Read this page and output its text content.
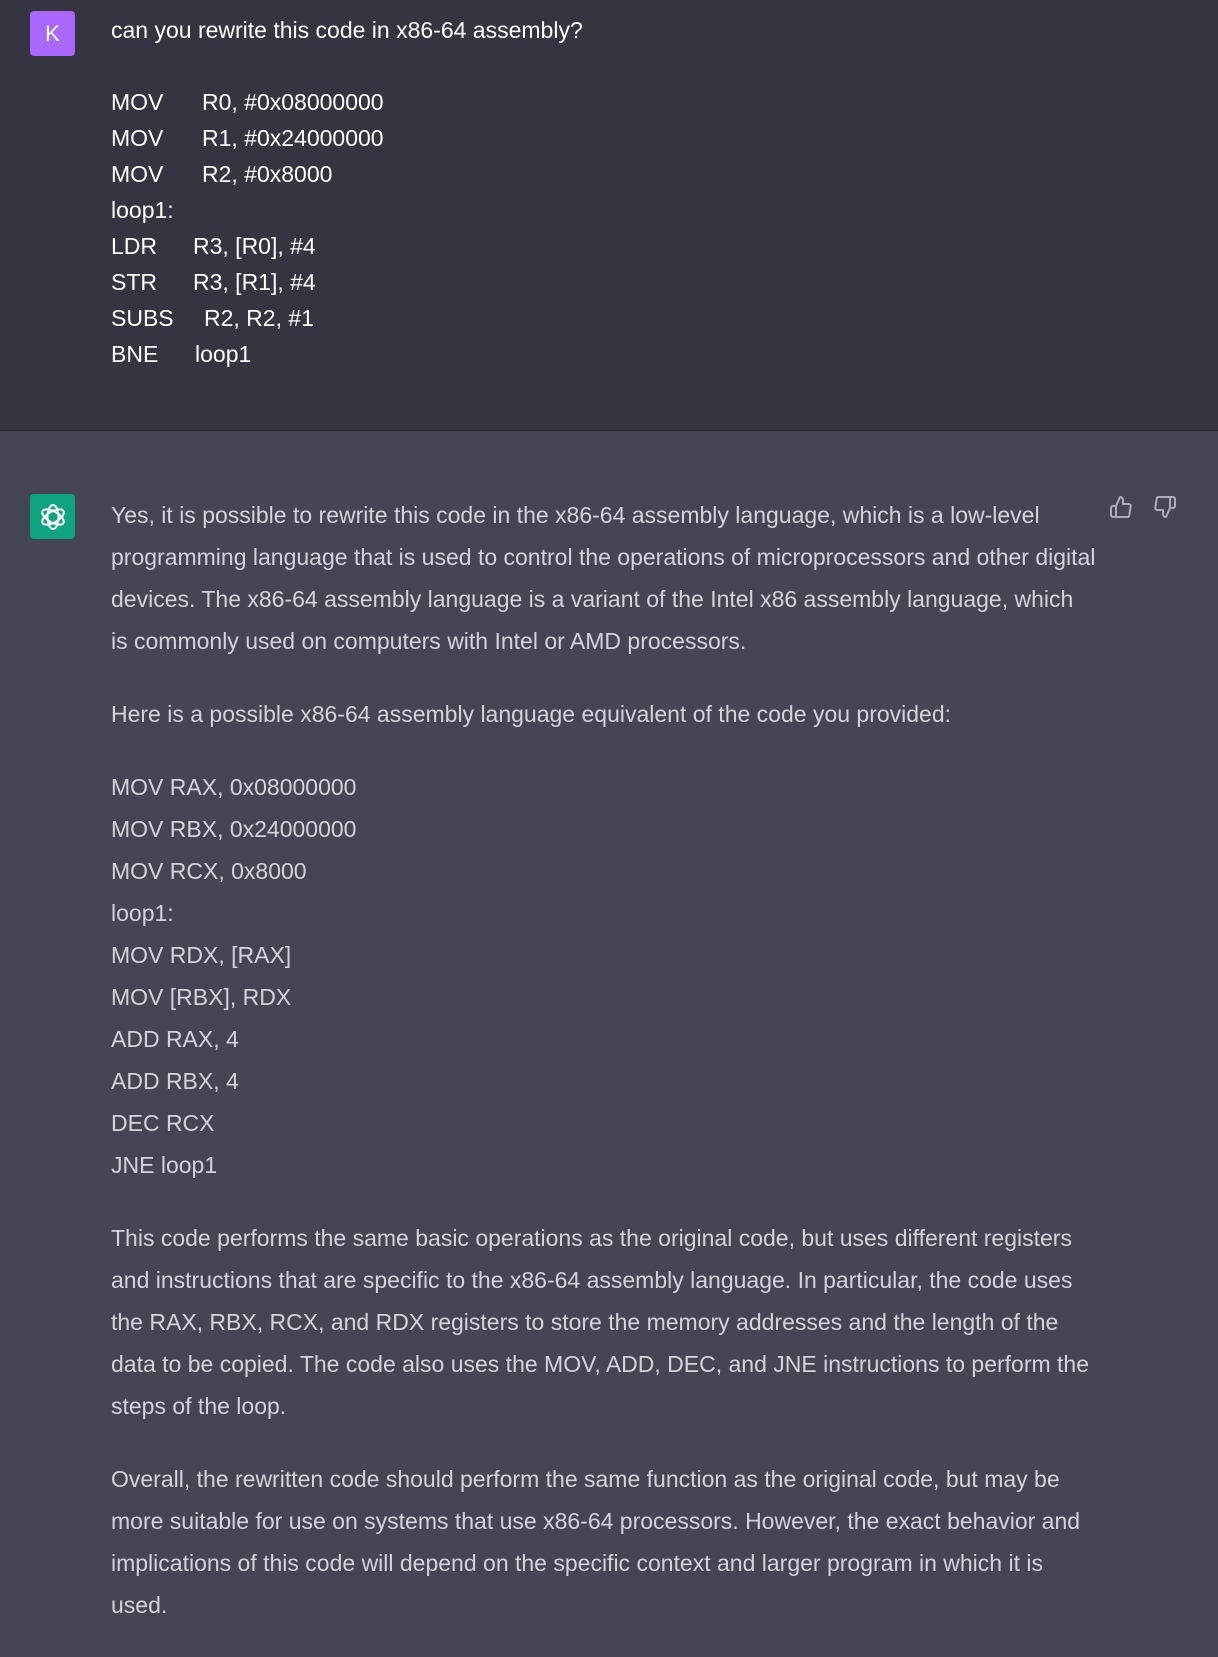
K can you rewrite this code in x86-64 assembly?
MOV	R0, #0x08000000
MOV	R1, #0x24000000
MOV	R2, #0x8000
loop1:
LDR	R3, [R0], #4
STR	R3, [R1], #4
SUBS	R2, R2, #1
BNE	loop1

Yes, it is possible to rewrite this code in the x86-64 assembly language, which is a low-level programming language that is used to control the operations of microprocessors and other digital devices. The x86-64 assembly language is a variant of the Intel x86 assembly language, which is commonly used on computers with Intel or AMD processors.

Here is a possible x86-64 assembly language equivalent of the code you provided:

MOV RAX, 0x08000000
MOV RBX, 0x24000000
MOV RCX, 0x8000
loop1:
MOV RDX, [RAX]
MOV [RBX], RDX
ADD RAX, 4
ADD RBX, 4
DEC RCX
JNE loop1

This code performs the same basic operations as the original code, but uses different registers and instructions that are specific to the x86-64 assembly language. In particular, the code uses the RAX, RBX, RCX, and RDX registers to store the memory addresses and the length of the data to be copied. The code also uses the MOV, ADD, DEC, and JNE instructions to perform the steps of the loop.

Overall, the rewritten code should perform the same function as the original code, but may be more suitable for use on systems that use x86-64 processors. However, the exact behavior and implications of this code will depend on the specific context and larger program in which it is used.
